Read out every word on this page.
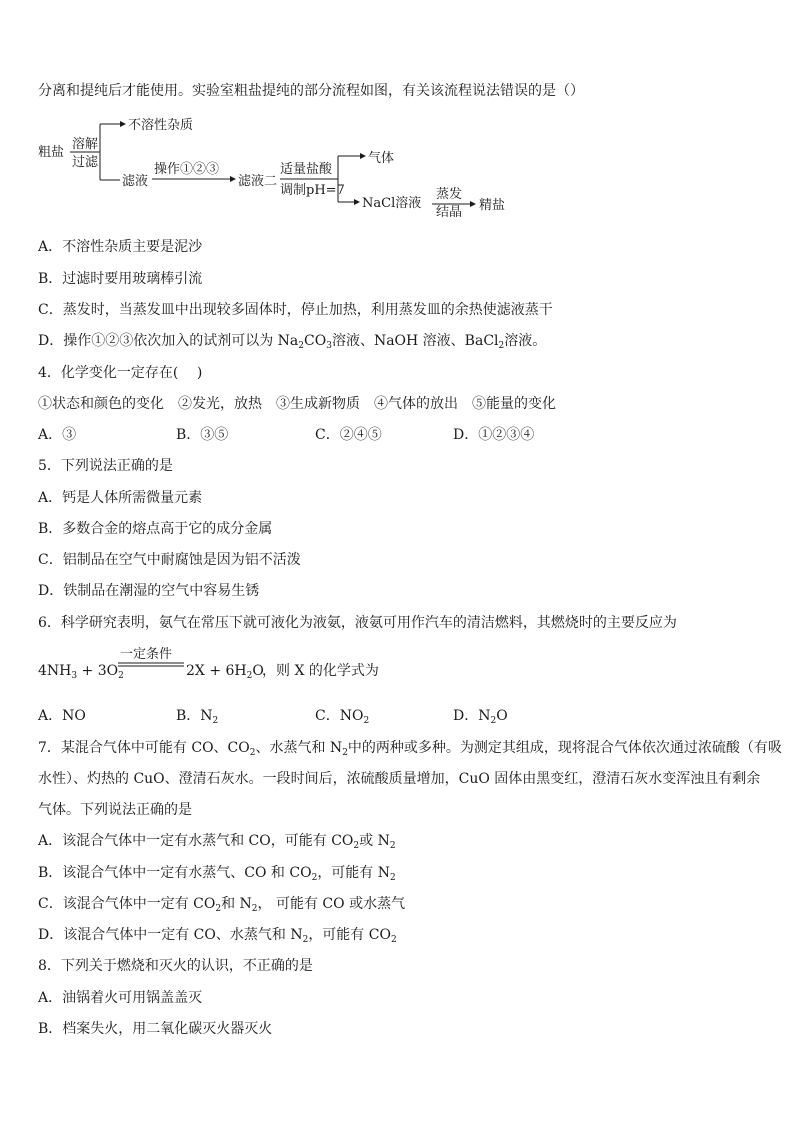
分离和提纯后才能使用。实验室粗盐提纯的部分流程如图，有关该流程说法错误的是（）
粗盐
溶解
过滤
不溶性杂质
滤液
操作①②③
滤液二
适量盐酸
调制pH=7
气体
NaCl溶液
蒸发
结晶 精盐
A．不溶性杂质主要是泥沙
B．过滤时要用玻璃棒引流
C．蒸发时，当蒸发皿中出现较多固体时，停止加热，利用蒸发皿的余热使滤液蒸干
D．操作①②③依次加入的试剂可以为 $Na_2CO_3$溶液、NaOH 溶液、BaCl$_2$溶液。
4．化学变化一定存在(　 )
①状态和颜色的变化　②发光，放热　③生成新物质　④气体的放出　⑤能量的变化
A．③	B．③⑤	C．②④⑤	D．①②③④
5．下列说法正确的是
A．钙是人体所需微量元素
B．多数合金的熔点高于它的成分金属
C．铝制品在空气中耐腐蚀是因为铝不活泼
D．铁制品在潮湿的空气中容易生锈
6．科学研究表明，氨气在常压下就可液化为液氨，液氨可用作汽车的清洁燃料，其燃烧时的主要反应为
$4NH_3 + 3O_2$
一定条件
$2X + 6H_2O$
，则 X 的化学式为
A．NO	B．$N_2$	C．$NO_2$	D．$N_2O$
7．某混合气体中可能有 CO、$CO_2$、水蒸气和 $N_2$中的两种或多种。为测定其组成，现将混合气体依次通过浓硫酸（有吸
水性）、灼热的 CuO、澄清石灰水。一段时间后，浓硫酸质量增加，CuO 固体由黑变红，澄清石灰水变浑浊且有剩余
气体。下列说法正确的是
A．该混合气体中一定有水蒸气和 CO，可能有 $CO_2$或 $N_2$
B．该混合气体中一定有水蒸气、CO 和 $CO_2$，可能有 $N_2$
C．该混合气体中一定有 $CO_2$和 $N_2$， 可能有 CO 或水蒸气
D．该混合气体中一定有 CO、水蒸气和 $N_2$，可能有 $CO_2$
8．下列关于燃烧和灭火的认识，不正确的是
A．油锅着火可用锅盖盖灭
B．档案失火，用二氧化碳灭火器灭火
